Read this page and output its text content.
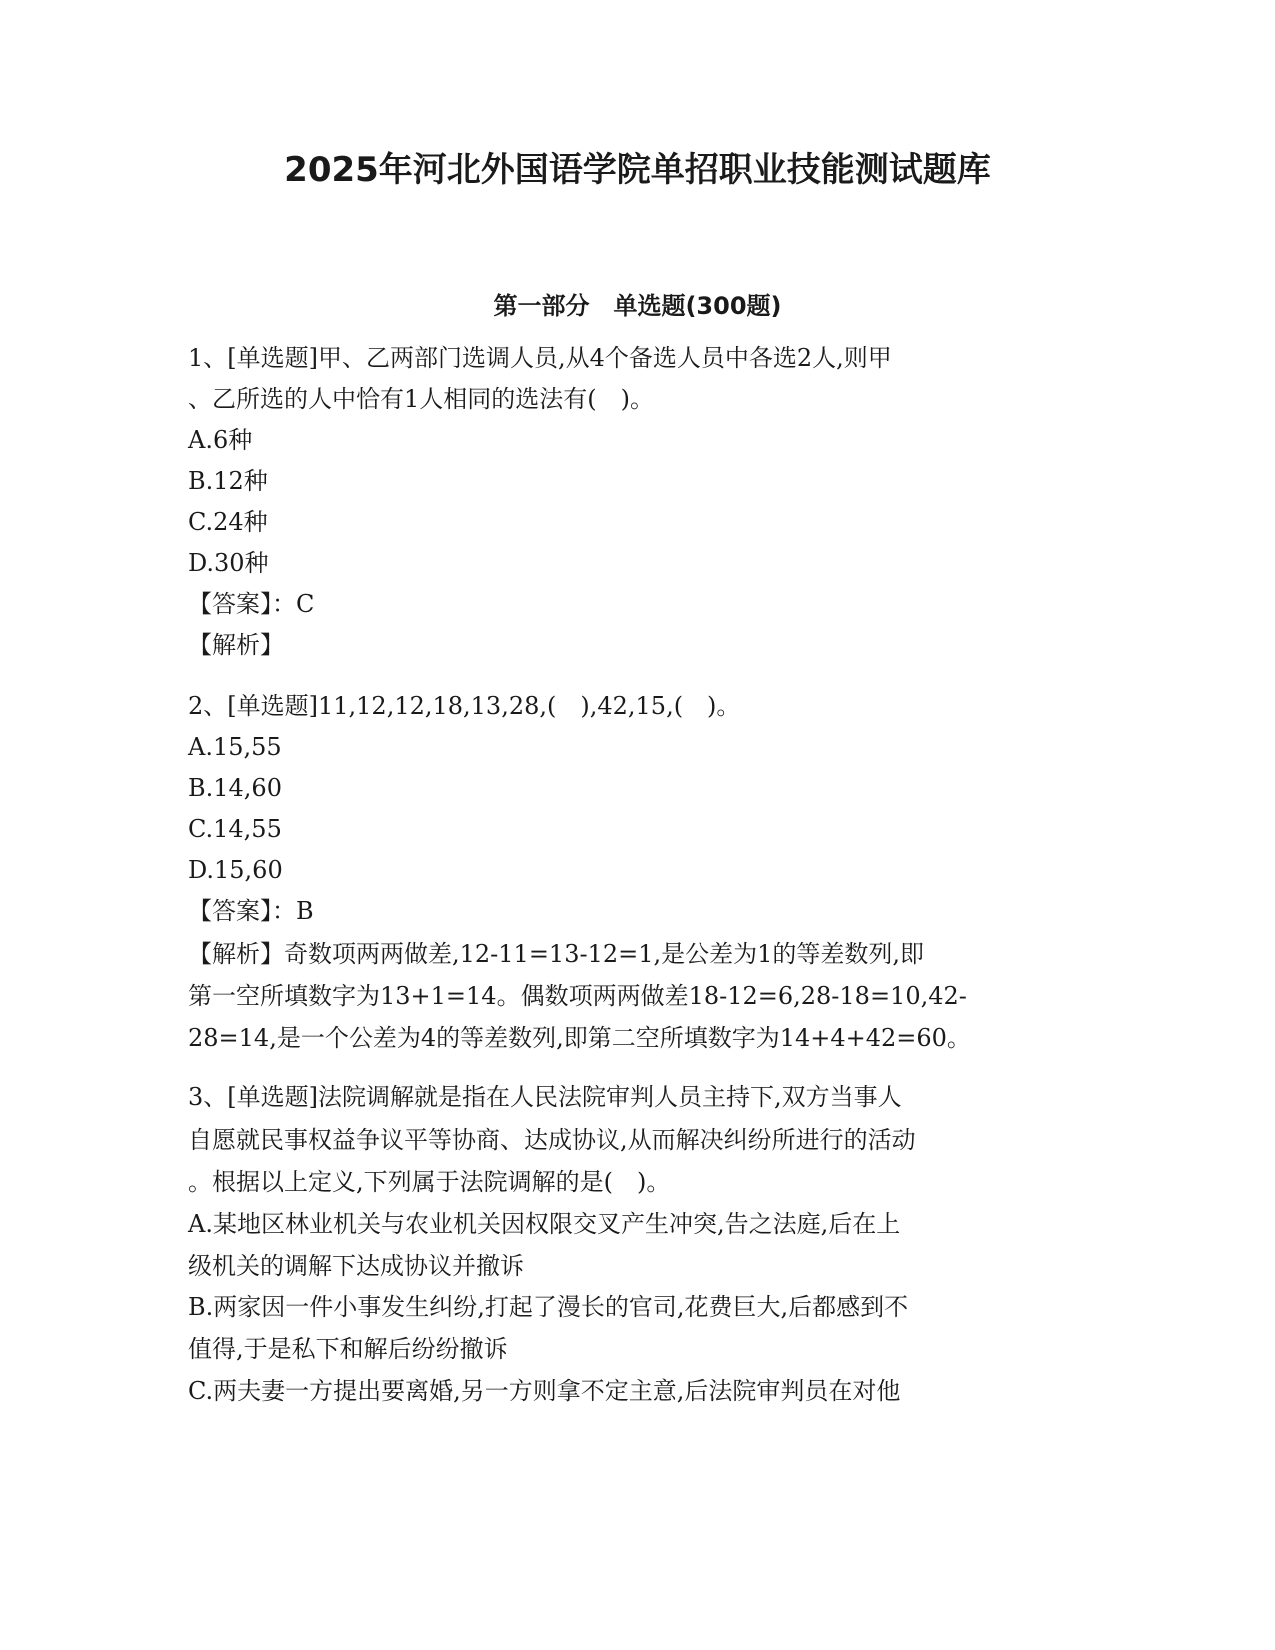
2025年河北外国语学院单招职业技能测试题库
第一部分　单选题(300题)
1、[单选题]甲、乙两部门选调人员,从4个备选人员中各选2人,则甲
、乙所选的人中恰有1人相同的选法有(　)。
A.6种
B.12种
C.24种
D.30种
【答案】：C
【解析】
2、[单选题]11,12,12,18,13,28,(　),42,15,(　)。
A.15,55
B.14,60
C.14,55
D.15,60
【答案】：B
【解析】奇数项两两做差,12-11=13-12=1,是公差为1的等差数列,即
第一空所填数字为13+1=14。偶数项两两做差18-12=6,28-18=10,42-
28=14,是一个公差为4的等差数列,即第二空所填数字为14+4+42=60。
3、[单选题]法院调解就是指在人民法院审判人员主持下,双方当事人
自愿就民事权益争议平等协商、达成协议,从而解决纠纷所进行的活动
。根据以上定义,下列属于法院调解的是(　)。
A.某地区林业机关与农业机关因权限交叉产生冲突,告之法庭,后在上
级机关的调解下达成协议并撤诉
B.两家因一件小事发生纠纷,打起了漫长的官司,花费巨大,后都感到不
值得,于是私下和解后纷纷撤诉
C.两夫妻一方提出要离婚,另一方则拿不定主意,后法院审判员在对他
